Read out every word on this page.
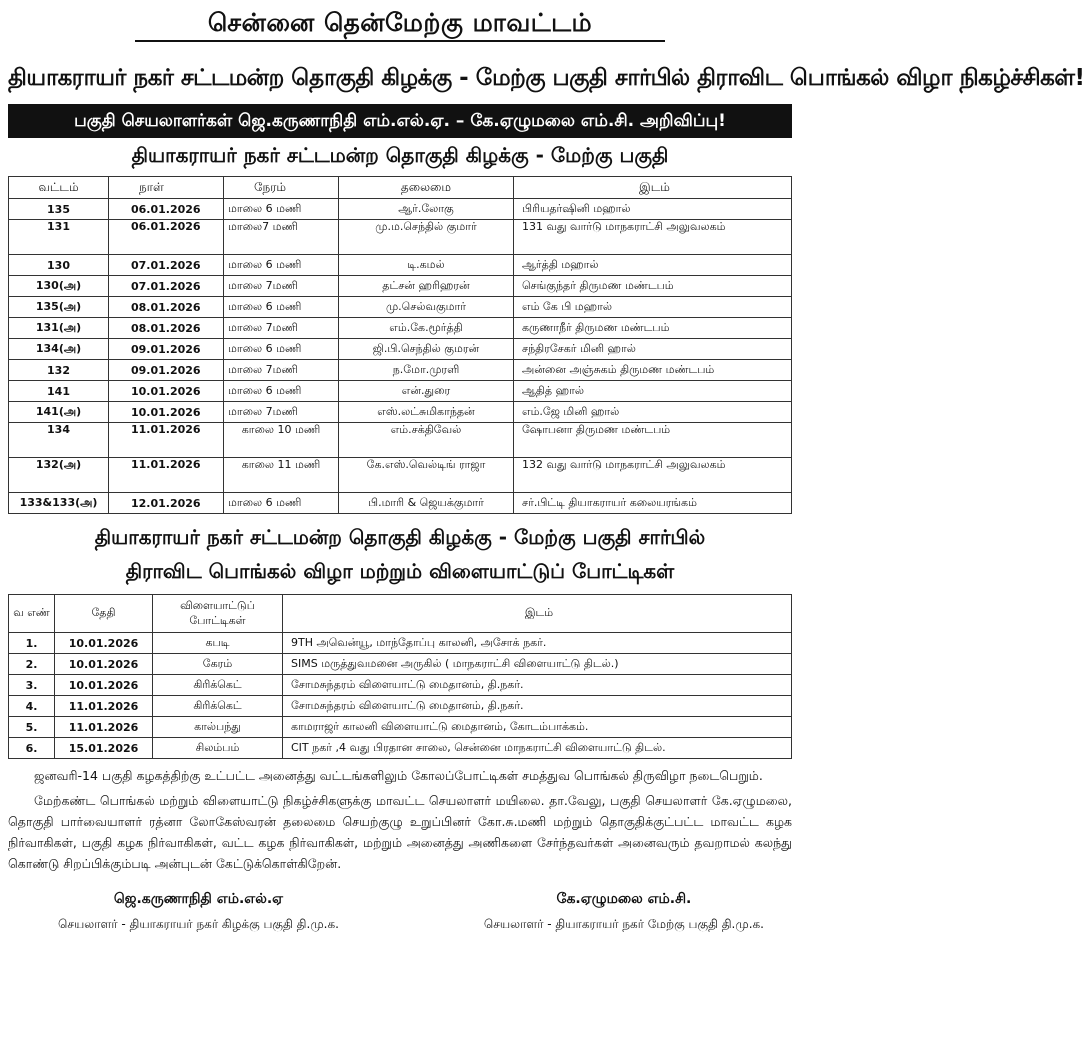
சென்னை தென்மேற்கு மாவட்டம்
தியாகராயர் நகர் சட்டமன்ற தொகுதி கிழக்கு - மேற்கு பகுதி சார்பில் திராவிட பொங்கல் விழா நிகழ்ச்சிகள்!
பகுதி செயலாளர்கள் ஜெ.கருணாநிதி எம்.எல்.ஏ. – கே.ஏழுமலை எம்.சி. அறிவிப்பு!
தியாகராயர் நகர் சட்டமன்ற தொகுதி கிழக்கு - மேற்கு பகுதி
வட்டம்	நாள்	நேரம்	தலைமை	இடம்
135	06.01.2026	மாலை 6 மணி	ஆர்.லோகு	பிரியதர்ஷினி மஹால்
131	06.01.2026	மாலை7 மணி	மு.ம.செந்தில் குமார்	131 வது வார்டு மாநகராட்சி அலுவலகம்
130	07.01.2026	மாலை 6 மணி	டி.கமல்	ஆர்த்தி மஹால்
130(அ)	07.01.2026	மாலை 7மணி	தட்சன் ஹரிஹரன்	செங்குந்தர் திருமண மண்டபம்
135(அ)	08.01.2026	மாலை 6 மணி	மு.செல்வகுமார்	எம் கே பி மஹால்
131(அ)	08.01.2026	மாலை 7மணி	எம்.கே.மூர்த்தி	கருணாநீர் திருமண மண்டபம்
134(அ)	09.01.2026	மாலை 6 மணி	ஜி.பி.செந்தில் குமரன்	சந்திரசேகர் மினி ஹால்
132	09.01.2026	மாலை 7மணி	ந.மோ.முரளி	அன்னை அஞ்சுகம் திருமண மண்டபம்
141	10.01.2026	மாலை 6 மணி	என்.துரை	ஆதித் ஹால்
141(அ)	10.01.2026	மாலை 7மணி	எஸ்.லட்சுமிகாந்தன்	எம்.ஜே மினி ஹால்
134	11.01.2026	காலை 10 மணி	எம்.சக்திவேல்	ஷோபனா திருமண மண்டபம்
132(அ)	11.01.2026	காலை 11 மணி	கே.எஸ்.வெல்டிங் ராஜா	132 வது வார்டு மாநகராட்சி அலுவலகம்
133&133(அ)	12.01.2026	மாலை 6 மணி	பி.மாரி & ஜெயக்குமார்	சர்.பிட்டி தியாகராயர் கலையரங்கம்
தியாகராயர் நகர் சட்டமன்ற தொகுதி கிழக்கு - மேற்கு பகுதி சார்பில்
திராவிட பொங்கல் விழா மற்றும் விளையாட்டுப் போட்டிகள்
வ எண்	தேதி	விளையாட்டுப் போட்டிகள்	இடம்
1.	10.01.2026	கபடி	9TH அவென்யூ, மாந்தோப்பு காலனி, அசோக் நகர்.
2.	10.01.2026	கேரம்	SIMS மருத்துவமனை அருகில் ( மாநகராட்சி விளையாட்டு திடல்.)
3.	10.01.2026	கிரிக்கெட்	சோமசுந்தரம் விளையாட்டு மைதானம், தி.நகர்.
4.	11.01.2026	கிரிக்கெட்	சோமசுந்தரம் விளையாட்டு மைதானம், தி.நகர்.
5.	11.01.2026	கால்பந்து	காமராஜர் காலனி விளையாட்டு மைதானம், கோடம்பாக்கம்.
6.	15.01.2026	சிலம்பம்	CIT நகர் ,4 வது பிரதான சாலை, சென்னை மாநகராட்சி விளையாட்டு திடல்.

ஜனவரி-14 பகுதி கழகத்திற்கு உட்பட்ட அனைத்து வட்டங்களிலும் கோலப்போட்டிகள் சமத்துவ பொங்கல் திருவிழா நடைபெறும்.

மேற்கண்ட பொங்கல் மற்றும் விளையாட்டு நிகழ்ச்சிகளுக்கு மாவட்ட செயலாளர் மயிலை. தா.வேலு, பகுதி செயலாளர் கே.ஏழுமலை, தொகுதி பார்வையாளர் ரத்னா லோகேஸ்வரன் தலைமை செயற்குழு உறுப்பினர் கோ.சு.மணி மற்றும் தொகுதிக்குட்பட்ட மாவட்ட கழக நிர்வாகிகள், பகுதி கழக நிர்வாகிகள், வட்ட கழக நிர்வாகிகள், மற்றும் அனைத்து அணிகளை சேர்ந்தவர்கள் அனைவரும் தவறாமல் கலந்து கொண்டு சிறப்பிக்கும்படி அன்புடன் கேட்டுக்கொள்கிறேன்.

ஜெ.கருணாநிதி எம்.எல்.ஏ
செயலாளர் - தியாகராயர் நகர் கிழக்கு பகுதி தி.மு.க.
கே.ஏழுமலை எம்.சி.
செயலாளர் - தியாகராயர் நகர் மேற்கு பகுதி தி.மு.க.
